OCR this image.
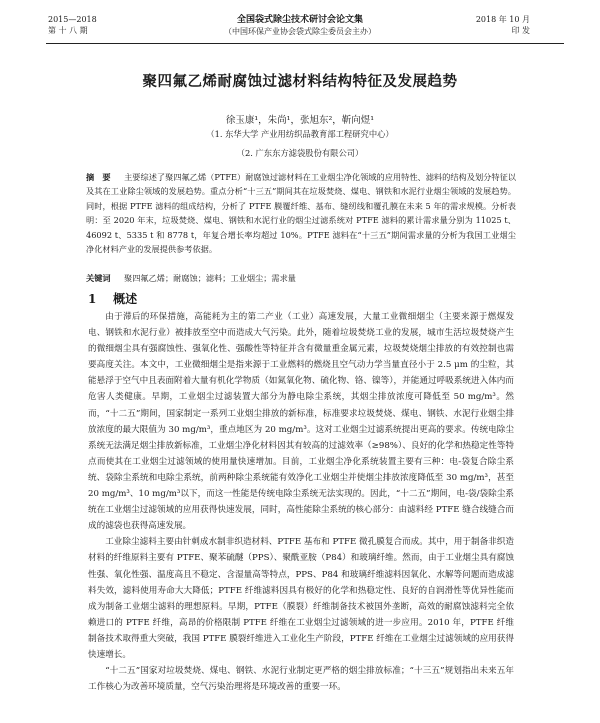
2015—2018
第 十 八 期
全国袋式除尘技术研讨会论文集
（中国环保产业协会袋式除尘委员会主办）
2018 年 10 月
印 发
聚四氟乙烯耐腐蚀过滤材料结构特征及发展趋势
徐玉康¹，朱尚¹，张旭东²，靳向煜¹
（1. 东华大学 产业用纺织品教育部工程研究中心）
（2. 广东东方滤袋股份有限公司）
摘　要 　 主要综述了聚四氟乙烯（PTFE）耐腐蚀过滤材料在工业烟尘净化领域的应用特性、滤料的结构及划分特征以及其在工业除尘领域的发展趋势。重点分析“十三五”期间其在垃圾焚烧、煤电、钢铁和水泥行业烟尘领域的发展趋势。同时，根据 PTFE 滤料的组成结构，分析了 PTFE 膜覆纤维、基布、缝纫线和覆孔膜在未来 5 年的需求规模。分析表明：至 2020 年末，垃圾焚烧、煤电、钢铁和水泥行业的烟尘过滤系统对 PTFE 滤料的累计需求量分别为 11025 t、46092 t、5335 t 和 8778 t，年复合增长率均超过 10%。PTFE 滤料在“十三五”期间需求量的分析为我国工业烟尘净化材料产业的发展提供参考依据。
关键词 　 聚四氟乙烯；耐腐蚀；滤料；工业烟尘；需求量
1 概述

由于滞后的环保措施，高能耗为主的第二产业（工业）高速发展，大量工业微细烟尘（主要来源于燃煤发电、钢铁和水泥行业）被排放至空中而造成大气污染。此外，随着垃圾焚烧工业的发展，城市生活垃圾焚烧产生的微细烟尘具有强腐蚀性、强氧化性、强酸性等特征并含有微量重金属元素，垃圾焚烧烟尘排放的有效控制也需要高度关注。本文中，工业微细烟尘是指来源于工业燃料的燃烧且空气动力学当量直径小于 2.5 μm 的尘粒，其能悬浮于空气中且表面附着大量有机化学物质（如氮氧化物、硫化物、铬、镍等），并能通过呼吸系统进入体内而危害人类健康。早期，工业烟尘过滤装置大部分为静电除尘系统，其烟尘排放浓度可降低至 50 mg/m³。然而，“十二五”期间，国家制定一系列工业烟尘排放的新标准，标准要求垃圾焚烧、煤电、钢铁、水泥行业烟尘排放浓度的最大限值为 30 mg/m³，重点地区为 20 mg/m³。这对工业烟尘过滤系统提出更高的要求。传统电除尘系统无法满足烟尘排放新标准，工业烟尘净化材料因其有较高的过滤效率（≥98%）、良好的化学和热稳定性等特点而使其在工业烟尘过滤领域的使用量快速增加。目前，工业烟尘净化系统装置主要有三种：电-袋复合除尘系统、袋除尘系统和电除尘系统，前两种除尘系统能有效净化工业烟尘并使烟尘排放浓度降低至 30 mg/m³，甚至 20 mg/m³、10 mg/m³以下，而这一性能是传统电除尘系统无法实现的。因此，“十二五”期间，电-袋/袋除尘系统在工业烟尘过滤领域的应用获得快速发展，同时，高性能除尘系统的核心部分：由滤料经 PTFE 缝合线缝合而成的滤袋也获得高速发展。

工业除尘滤料主要由针刺成水制非织造材料、PTFE 基布和 PTFE 微孔膜复合而成。其中，用于制备非织造材料的纤维原料主要有 PTFE、聚苯硫醚（PPS）、聚酰亚胺（P84）和玻璃纤维。然而，由于工业烟尘具有腐蚀性强、氧化性强、温度高且不稳定、含湿量高等特点，PPS、P84 和玻璃纤维滤料因氧化、水解等问题而造成滤料失效，滤料使用寿命大大降低；PTFE 纤维滤料因具有极好的化学和热稳定性、良好的自润滑性等优异性能而成为制备工业烟尘滤料的理想原料。早期，PTFE（膜裂）纤维制备技术被国外垄断，高效的耐腐蚀滤料完全依赖进口的 PTFE 纤维，高昂的价格限制 PTFE 纤维在工业烟尘过滤领域的进一步应用。2010 年，PTFE 纤维制备技术取得重大突破，我国 PTFE 膜裂纤维进入工业化生产阶段，PTFE 纤维在工业烟尘过滤领域的应用获得快速增长。

“十二五”国家对垃圾焚烧、煤电、钢铁、水泥行业制定更严格的烟尘排放标准；“十三五”规划指出未来五年工作核心为改善环境质量，空气污染治理将是环境改善的重要一环。
